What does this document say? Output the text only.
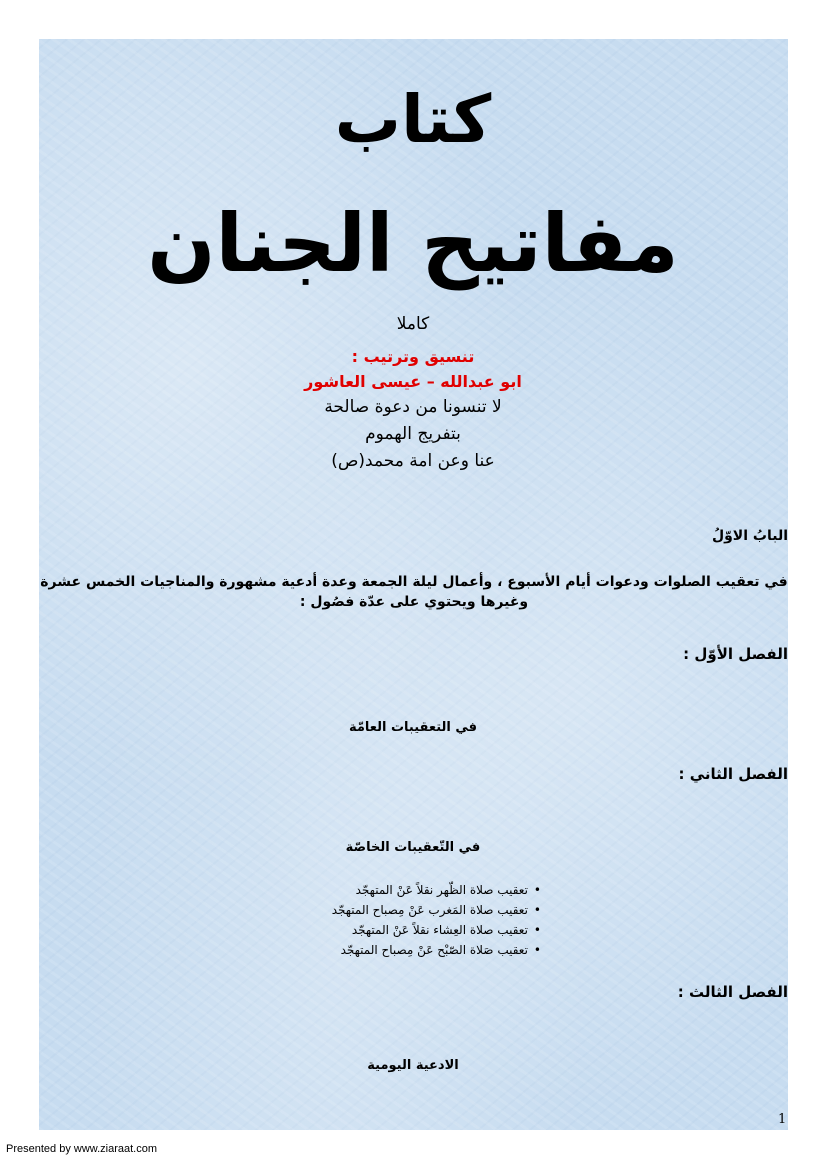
كتاب
مفاتيح الجنان
كاملا
تنسيق وترتيب :
ابو عبدالله – عيسى العاشور
لا تنسونا من دعوة صالحة
بتفريج الهموم
عنا وعن امة محمد(ص)
البابُ الاوّلُ
في تعقيب الصلوات ودعوات أيام الأسبوع ، وأعمال ليلة الجمعة وعدة أدعية مشهورة والمناجيات الخمس عشرة
وغيرها ويحتوي على عدّة فصُول :
الفصل الأوّل :
في التعقيبات العامّة
الفصل الثاني :
في التّعقيبات الخاصّة
• تعقيب صلاة الظّهر نقلاً عَنْ المتهجّد
• تعقيب صلاة المَغرب عَنْ مِصباح المتهجّد
• تعقيب صلاة العِشاء نقلاً عَنْ المتهجّد
• تعقيب صَلاة الصّبْح عَنْ مِصباح المتهجّد
الفصل الثالث :
الادعية اليومية
1
Presented by www.ziaraat.com
